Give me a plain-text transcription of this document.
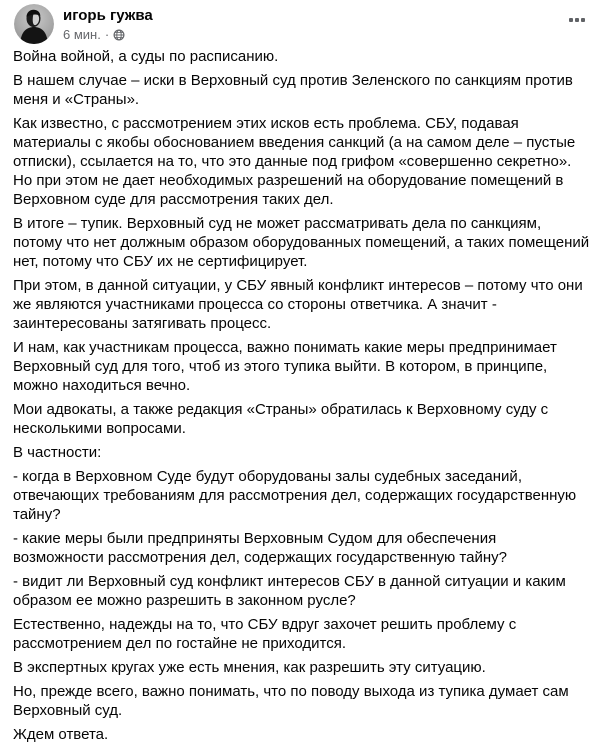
игорь гужва
6 мин. ·

Война войной, а суды по расписанию.

В нашем случае – иски в Верховный суд против Зеленского по санкциям против меня и «Страны».

Как известно, с рассмотрением этих исков есть проблема. СБУ, подавая материалы с якобы обоснованием введения санкций (а на самом деле – пустые отписки), ссылается на то, что это данные под грифом «совершенно секретно». Но при этом не дает необходимых разрешений на оборудование помещений в Верховном суде для рассмотрения таких дел.

В итоге – тупик. Верховный суд не может рассматривать дела по санкциям, потому что нет должным образом оборудованных помещений, а таких помещений нет, потому что СБУ их не сертифицирует.

При этом, в данной ситуации, у СБУ явный конфликт интересов – потому что они же являются участниками процесса со стороны ответчика. А значит - заинтересованы затягивать процесс.

И нам, как участникам процесса, важно понимать какие меры предпринимает Верховный суд для того, чтоб из этого тупика выйти. В котором, в принципе, можно находиться вечно.

Мои адвокаты, а также редакция «Страны» обратилась к Верховному суду с несколькими вопросами.

В частности:

- когда в Верховном Суде будут оборудованы залы судебных заседаний, отвечающих требованиям для рассмотрения дел, содержащих государственную тайну?

- какие меры были предприняты Верховным Судом для обеспечения возможности рассмотрения дел, содержащих государственную тайну?

- видит ли Верховный суд конфликт интересов СБУ в данной ситуации и каким образом ее можно разрешить в законном русле?

Естественно, надежды на то, что СБУ вдруг захочет решить проблему с рассмотрением дел по гостайне не приходится.

В экспертных кругах уже есть мнения, как разрешить эту ситуацию.

Но, прежде всего, важно понимать, что по поводу выхода из тупика думает сам Верховный суд.

Ждем ответа.
